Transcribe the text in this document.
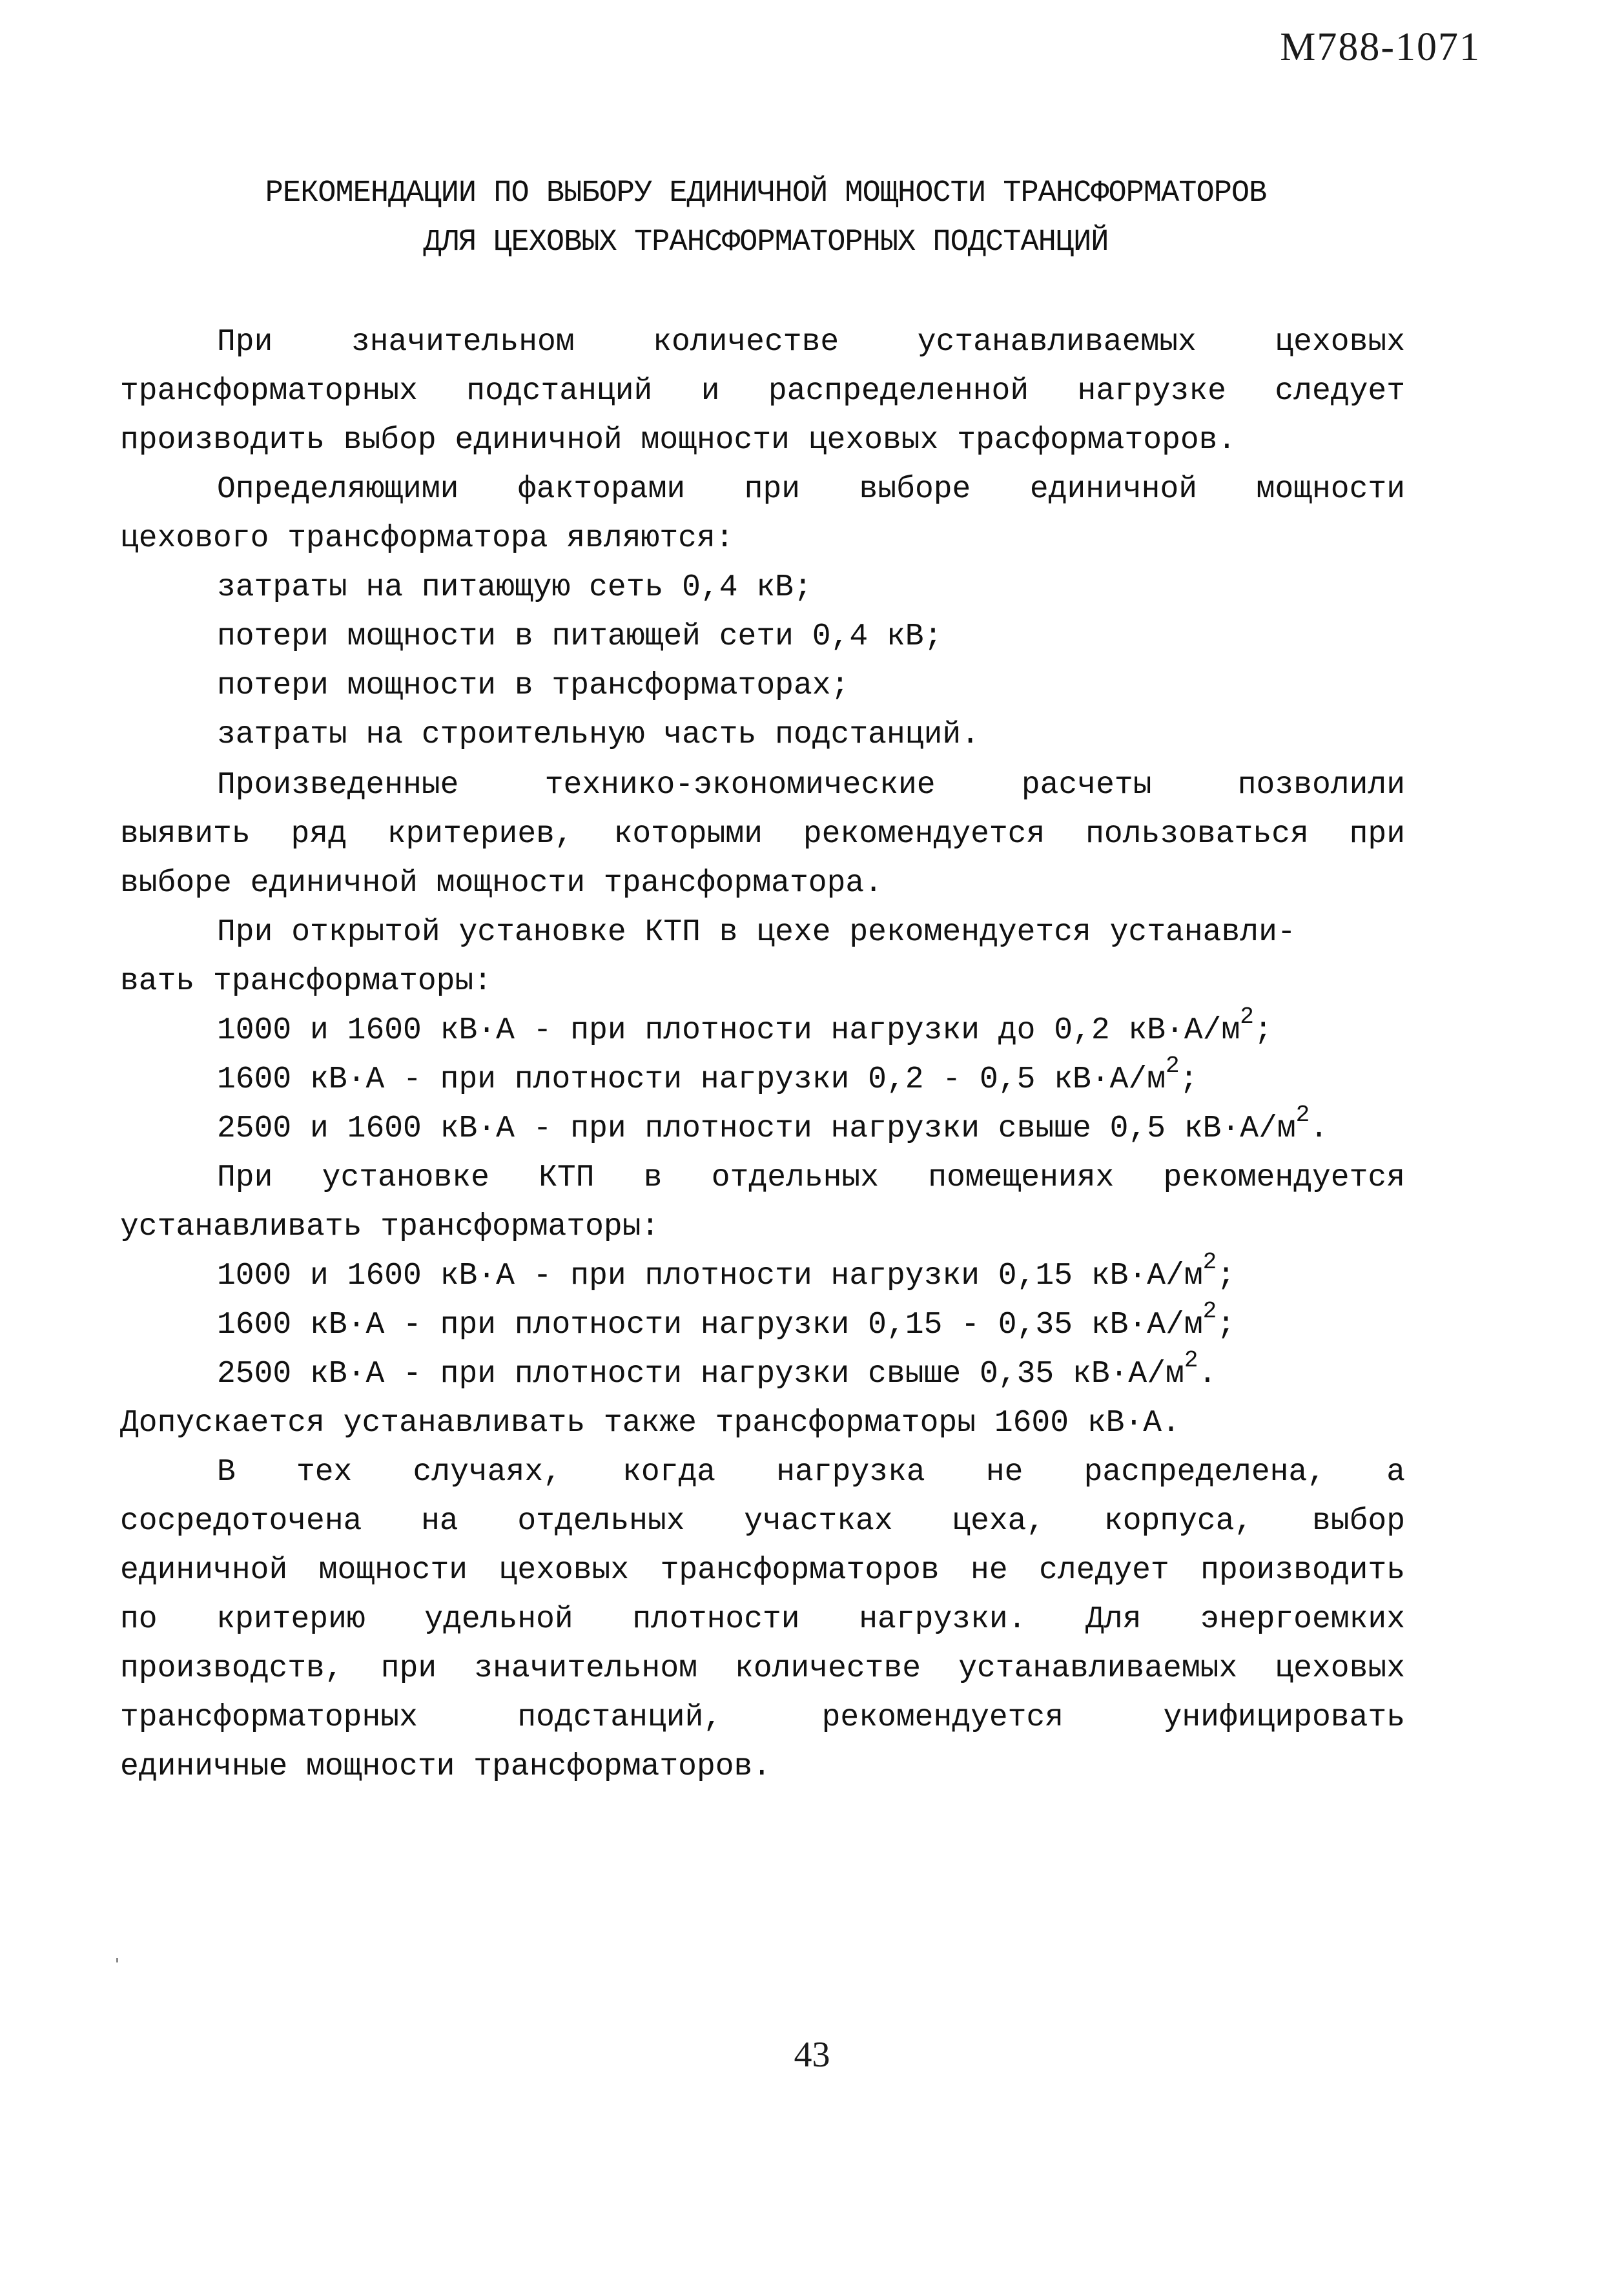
М788-1071
РЕКОМЕНДАЦИИ ПО ВЫБОРУ ЕДИНИЧНОЙ МОЩНОСТИ ТРАНСФОРМАТОРОВ
ДЛЯ ЦЕХОВЫХ ТРАНСФОРМАТОРНЫХ ПОДСТАНЦИЙ
При значительном количестве устанавливаемых цеховых
трансформаторных подстанций и распределенной нагрузке следует
производить выбор единичной мощности цеховых трасформаторов.
Определяющими факторами при выборе единичной мощности
цехового трансформатора являются:
затраты на питающую сеть 0,4 кВ;
потери мощности в питающей сети 0,4 кВ;
потери мощности в трансформаторах;
затраты на строительную часть подстанций.
Произведенные технико-экономические расчеты позволили
выявить ряд критериев, которыми рекомендуется пользоваться при
выборе единичной мощности трансформатора.
При открытой установке КТП в цехе рекомендуется устанавли-
вать трансформаторы:
1000 и 1600 кВ·А - при плотности нагрузки до 0,2 $кВ\cdot А/м^2$;
1600 кВ·А - при плотности нагрузки 0,2 - 0,5 $кВ\cdot А/м^2$;
2500 и 1600 кВ·А - при плотности нагрузки свыше 0,5 $кВ\cdot А/м^2$.
При установке КТП в отдельных помещениях рекомендуется
устанавливать трансформаторы:
1000 и 1600 кВ·А - при плотности нагрузки 0,15 $кВ\cdot А/м^2$;
1600 кВ·А - при плотности нагрузки 0,15 - 0,35 $кВ\cdot А/м^2$;
2500 кВ·А - при плотности нагрузки свыше 0,35 $кВ\cdot А/м^2$.
Допускается устанавливать также трансформаторы 1600 кВ·А.
В тех случаях, когда нагрузка не распределена, а
сосредоточена на отдельных участках цеха, корпуса, выбор
единичной мощности цеховых трансформаторов не следует производить
по критерию удельной плотности нагрузки. Для энергоемких
производств, при значительном количестве устанавливаемых цеховых
трансформаторных подстанций, рекомендуется унифицировать
единичные мощности трансформаторов.
43
